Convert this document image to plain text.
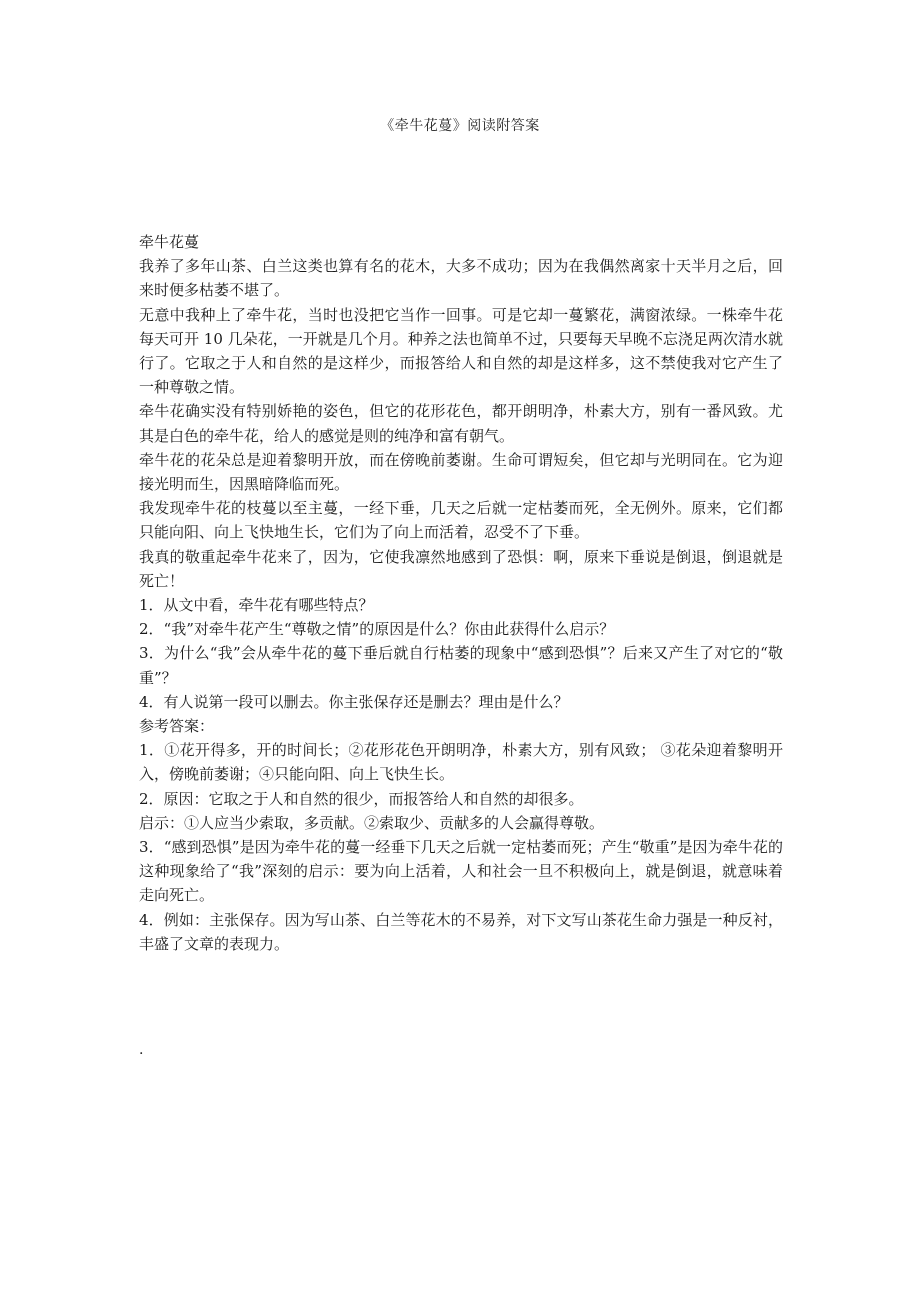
《牵牛花蔓》阅读附答案

牵牛花蔓

我养了多年山茶、白兰这类也算有名的花木，大多不成功；因为在我偶然离家十天半月之后，回来时便多枯萎不堪了。

无意中我种上了牵牛花，当时也没把它当作一回事。可是它却一蔓繁花，满窗浓绿。一株牵牛花每天可开 10 几朵花，一开就是几个月。种养之法也简单不过，只要每天早晚不忘浇足两次清水就行了。它取之于人和自然的是这样少，而报答给人和自然的却是这样多，这不禁使我对它产生了一种尊敬之情。

牵牛花确实没有特别娇艳的姿色，但它的花形花色，都开朗明净，朴素大方，别有一番风致。尤其是白色的牵牛花，给人的感觉是则的纯净和富有朝气。

牵牛花的花朵总是迎着黎明开放，而在傍晚前萎谢。生命可谓短矣，但它却与光明同在。它为迎接光明而生，因黑暗降临而死。

我发现牵牛花的枝蔓以至主蔓，一经下垂，几天之后就一定枯萎而死，全无例外。原来，它们都只能向阳、向上飞快地生长，它们为了向上而活着，忍受不了下垂。

我真的敬重起牵牛花来了，因为，它使我凛然地感到了恐惧：啊，原来下垂说是倒退，倒退就是死亡！

1．从文中看，牵牛花有哪些特点？

2．“我”对牵牛花产生“尊敬之情”的原因是什么？你由此获得什么启示？

3．为什么“我”会从牵牛花的蔓下垂后就自行枯萎的现象中“感到恐惧”？后来又产生了对它的“敬重”？

4．有人说第一段可以删去。你主张保存还是删去？理由是什么？

参考答案：

1．①花开得多，开的时间长；②花形花色开朗明净，朴素大方，别有风致； ③花朵迎着黎明开入，傍晚前萎谢；④只能向阳、向上飞快生长。

2．原因：它取之于人和自然的很少，而报答给人和自然的却很多。

启示：①人应当少索取，多贡献。②索取少、贡献多的人会赢得尊敬。

3．“感到恐惧”是因为牵牛花的蔓一经垂下几天之后就一定枯萎而死；产生“敬重”是因为牵牛花的这种现象给了“我”深刻的启示：要为向上活着，人和社会一旦不积极向上，就是倒退，就意味着走向死亡。

4．例如：主张保存。因为写山茶、白兰等花木的不易养，对下文写山茶花生命力强是一种反衬，丰盛了文章的表现力。

.
